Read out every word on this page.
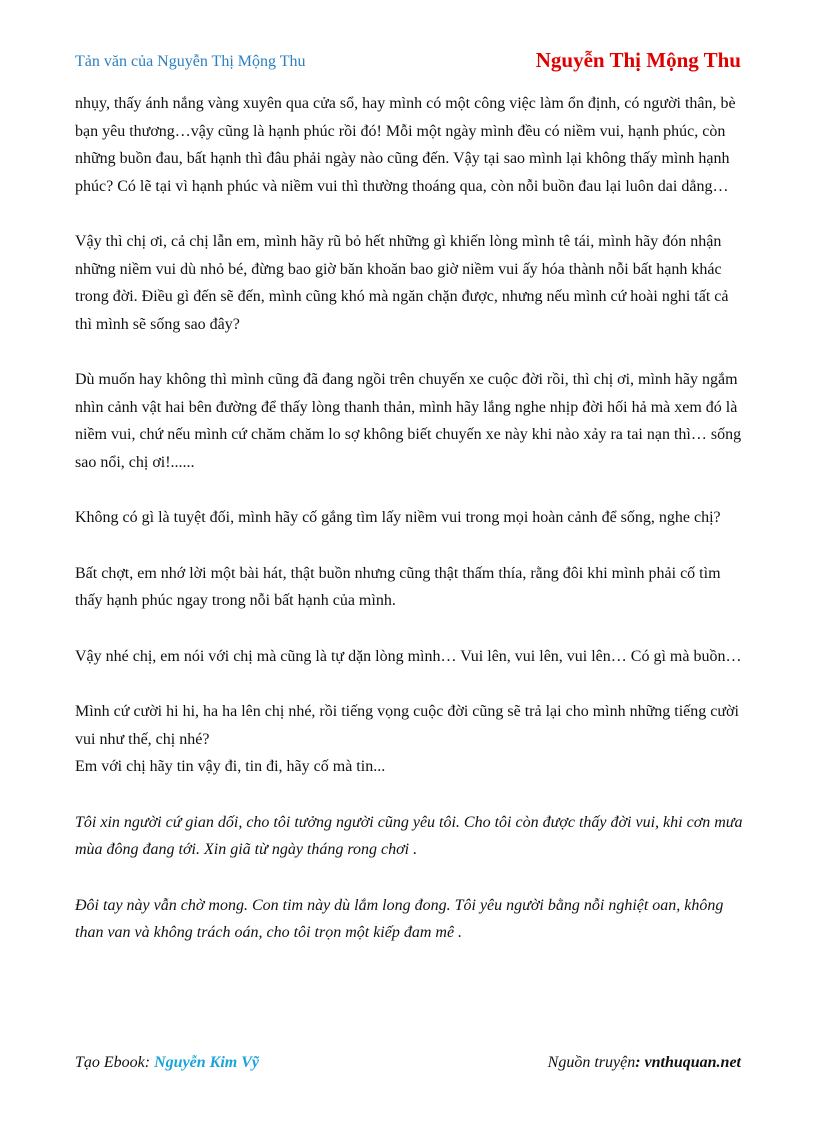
Tản văn của Nguyễn Thị Mộng Thu	Nguyễn Thị Mộng Thu

nhụy, thấy ánh nắng vàng xuyên qua cửa sổ, hay mình có một công việc làm ổn định, có người thân, bè bạn yêu thương…vậy cũng là hạnh phúc rồi đó! Mỗi một ngày mình đều có niềm vui, hạnh phúc, còn những buồn đau, bất hạnh thì đâu phải ngày nào cũng đến. Vậy tại sao mình lại không thấy mình hạnh phúc? Có lẽ tại vì hạnh phúc và niềm vui thì thường thoáng qua, còn nỗi buồn đau lại luôn dai dẳng…

Vậy thì chị ơi, cả chị lẫn em, mình hãy rũ bỏ hết những gì khiến lòng mình tê tái, mình hãy đón nhận những niềm vui dù nhỏ bé, đừng bao giờ băn khoăn bao giờ niềm vui ấy hóa thành nỗi bất hạnh khác trong đời. Điều gì đến sẽ đến, mình cũng khó mà ngăn chặn được, nhưng nếu mình cứ hoài nghi tất cả thì mình sẽ sống sao đây?

Dù muốn hay không thì mình cũng đã đang ngồi trên chuyến xe cuộc đời rồi, thì chị ơi, mình hãy ngắm nhìn cảnh vật hai bên đường để thấy lòng thanh thản, mình hãy lắng nghe nhịp đời hối hả mà xem đó là niềm vui, chứ nếu mình cứ chăm chăm lo sợ không biết chuyến xe này khi nào xảy ra tai nạn thì… sống sao nổi, chị ơi!......

Không có gì là tuyệt đối, mình hãy cố gắng tìm lấy niềm vui trong mọi hoàn cảnh để sống, nghe chị?

Bất chợt, em nhớ lời một bài hát, thật buồn nhưng cũng thật thấm thía, rằng đôi khi mình phải cố tìm thấy hạnh phúc ngay trong nỗi bất hạnh của mình.

Vậy nhé chị, em nói với chị mà cũng là tự dặn lòng mình… Vui lên, vui lên, vui lên… Có gì mà buồn…

Mình cứ cười hi hi, ha ha lên chị nhé, rồi tiếng vọng cuộc đời cũng sẽ trả lại cho mình những tiếng cười vui như thế, chị nhé?

Em với chị hãy tin vậy đi, tin đi, hãy cố mà tin...

Tôi xin người cứ gian dối, cho tôi tưởng người cũng yêu tôi. Cho tôi còn được thấy đời vui, khi cơn mưa mùa đông đang tới. Xin giã từ ngày tháng rong chơi .

Đôi tay này vẫn chờ mong. Con tim này dù lắm long đong. Tôi yêu người bằng nỗi nghiệt oan, không than van và không trách oán, cho tôi trọn một kiếp đam mê .

Tạo Ebook: Nguyễn Kim Vỹ	Nguồn truyện: vnthuquan.net
